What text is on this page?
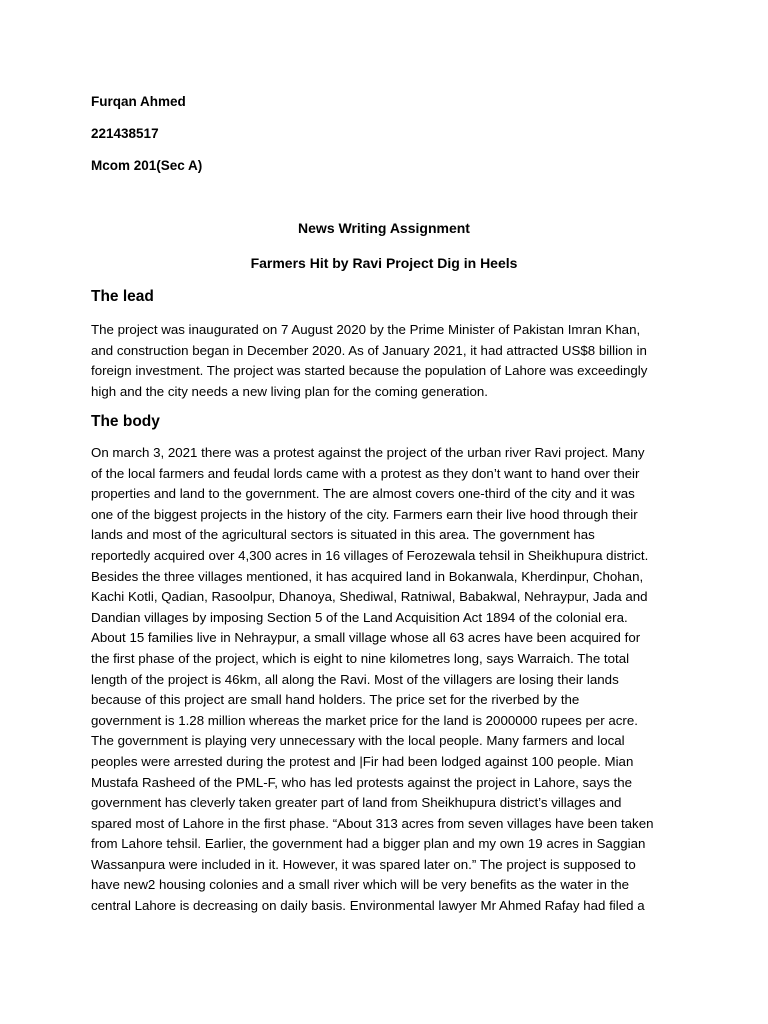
Furqan Ahmed
221438517
Mcom 201(Sec A)
News Writing Assignment
Farmers Hit by Ravi Project Dig in Heels
The lead
The project was inaugurated on 7 August 2020 by the Prime Minister of Pakistan Imran Khan,
and construction began in December 2020. As of January 2021, it had attracted US$8 billion in
foreign investment. The project was started because the population of Lahore was exceedingly
high and the city needs a new living plan for the coming generation.
The body
On march 3, 2021 there was a protest against the project of the urban river Ravi project. Many
of the local farmers and feudal lords came with a protest as they don’t want to hand over their
properties and land to the government. The are almost covers one-third of the city and it was
one of the biggest projects in the history of the city. Farmers earn their live hood through their
lands and most of the agricultural sectors is situated in this area. The government has
reportedly acquired over 4,300 acres in 16 villages of Ferozewala tehsil in Sheikhupura district.
Besides the three villages mentioned, it has acquired land in Bokanwala, Kherdinpur, Chohan,
Kachi Kotli, Qadian, Rasoolpur, Dhanoya, Shediwal, Ratniwal, Babakwal, Nehraypur, Jada and
Dandian villages by imposing Section 5 of the Land Acquisition Act 1894 of the colonial era.
About 15 families live in Nehraypur, a small village whose all 63 acres have been acquired for
the first phase of the project, which is eight to nine kilometres long, says Warraich. The total
length of the project is 46km, all along the Ravi. Most of the villagers are losing their lands
because of this project are small hand holders. The price set for the riverbed by the
government is 1.28 million whereas the market price for the land is 2000000 rupees per acre.
The government is playing very unnecessary with the local people. Many farmers and local
peoples were arrested during the protest and |Fir had been lodged against 100 people. Mian
Mustafa Rasheed of the PML-F, who has led protests against the project in Lahore, says the
government has cleverly taken greater part of land from Sheikhupura district’s villages and
spared most of Lahore in the first phase. “About 313 acres from seven villages have been taken
from Lahore tehsil. Earlier, the government had a bigger plan and my own 19 acres in Saggian
Wassanpura were included in it. However, it was spared later on.” The project is supposed to
have new2 housing colonies and a small river which will be very benefits as the water in the
central Lahore is decreasing on daily basis. Environmental lawyer Mr Ahmed Rafay had filed a
